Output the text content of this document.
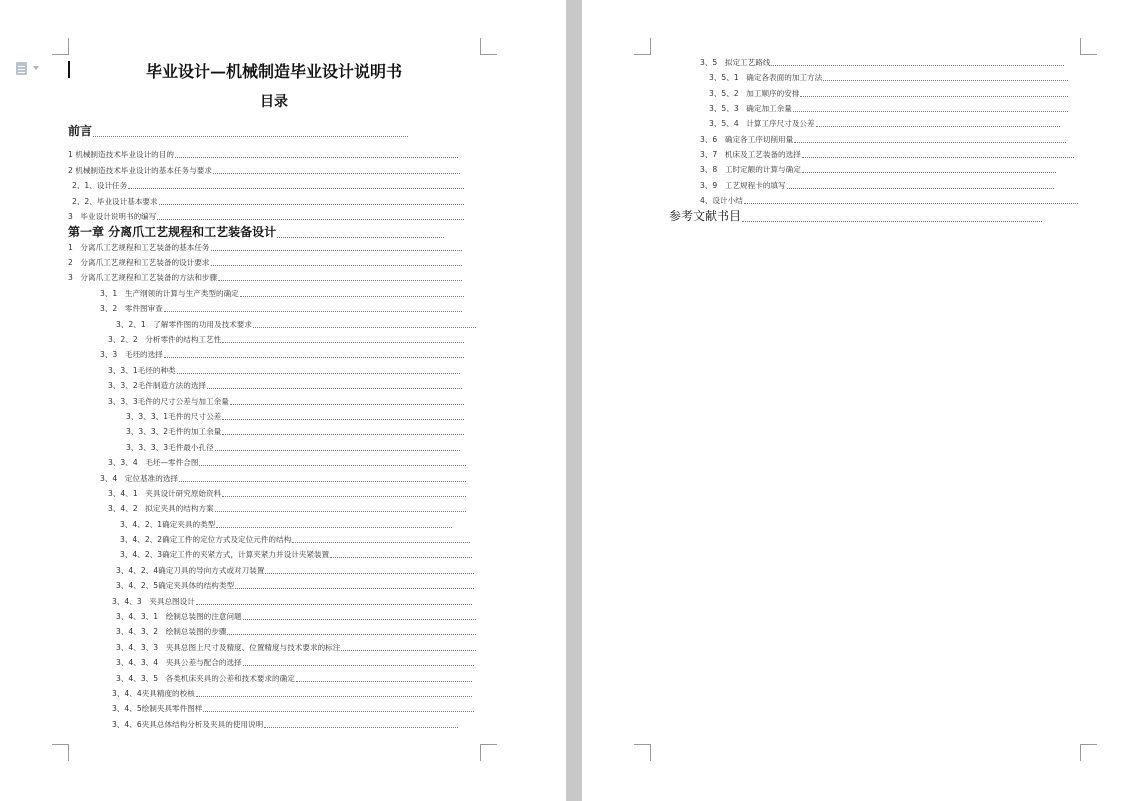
毕业设计—机械制造毕业设计说明书
目录
前言
1 机械制造技术毕业设计的目的
2 机械制造技术毕业设计的基本任务与要求
2、1、设计任务
2、2、毕业设计基本要求
3　毕业设计说明书的编写
第一章 分离爪工艺规程和工艺装备设计
1　分离爪工艺规程和工艺装备的基本任务
2　分离爪工艺规程和工艺装备的设计要求
3　分离爪工艺规程和工艺装备的方法和步骤
3、1　生产纲领的计算与生产类型的确定
3、2　零件图审查
3、2、1　了解零件图的功用及技术要求
3、2、2　分析零件的结构工艺性
3、3　毛坯的选择
3、3、1毛坯的种类
3、3、2毛件制造方法的选择
3、3、3毛件的尺寸公差与加工余量
3、3、3、1毛件的尺寸公差
3、3、3、2毛件的加工余量
3、3、3、3毛件最小孔径
3、3、4　毛坯—零件合图
3、4　定位基准的选择
3、4、1　夹具设计研究原始资料
3、4、2　拟定夹具的结构方案
3、4、2、1确定夹具的类型
3、4、2、2确定工件的定位方式及定位元件的结构
3、4、2、3确定工件的夹紧方式，计算夹紧力并设计夹紧装置
3、4、2、4确定刀具的导向方式或对刀装置
3、4、2、5确定夹具体的结构类型
3、4、3　夹具总图设计
3、4、3、1　绘制总装图的注意问题
3、4、3、2　绘制总装图的步骤
3、4、3、3　夹具总图上尺寸及精度、位置精度与技术要求的标注
3、4、3、4　夹具公差与配合的选择
3、4、3、5　各类机床夹具的公差和技术要求的确定
3、4、4夹具精度的校核
3、4、5绘制夹具零件图样
3、4、6夹具总体结构分析及夹具的使用说明
3、5　拟定工艺路线
3、5、1　确定各表面的加工方法
3、5、2　加工顺序的安排
3、5、3　确定加工余量
3、5、4　计算工序尺寸及公差
3、6　确定各工序切削用量
3、7　机床及工艺装备的选择
3、8　工时定额的计算与确定
3、9　工艺规程卡的填写
4、设计小结
参考文献书目
